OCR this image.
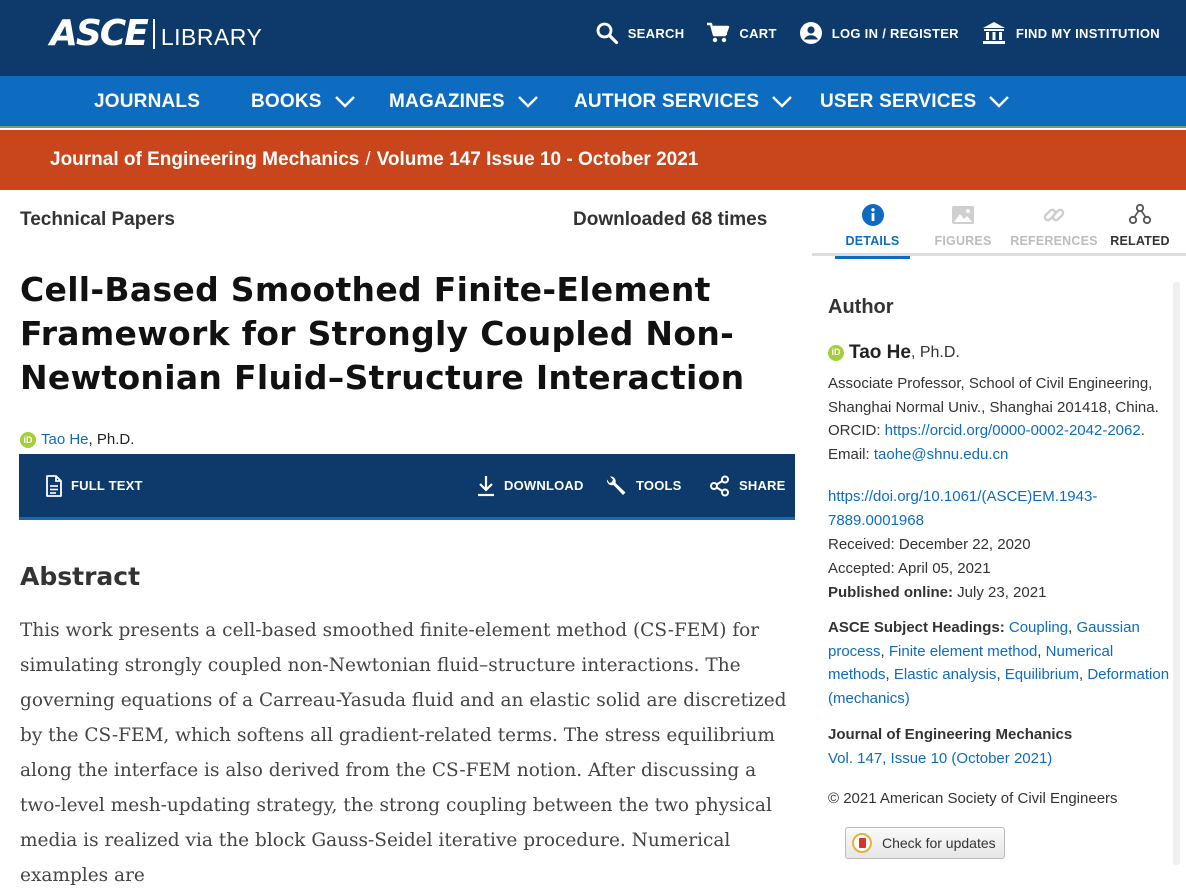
ASCE LIBRARY	SEARCH	CART	LOG IN / REGISTER	FIND MY INSTITUTION
JOURNALS	BOOKS	MAGAZINES	AUTHOR SERVICES	USER SERVICES
Journal of Engineering Mechanics / Volume 147 Issue 10 - October 2021
Technical Papers	Downloaded 68 times
Cell-Based Smoothed Finite-Element Framework for Strongly Coupled Non-Newtonian Fluid–Structure Interaction
iD Tao He , Ph.D.
FULL TEXT	DOWNLOAD	TOOLS	SHARE
Abstract

This work presents a cell-based smoothed finite-element method (CS-FEM) for simulating strongly coupled non-Newtonian fluid–structure interactions. The governing equations of a Carreau-Yasuda fluid and an elastic solid are discretized by the CS-FEM, which softens all gradient-related terms. The stress equilibrium along the interface is also derived from the CS-FEM notion. After discussing a two-level mesh-updating strategy, the strong coupling between the two physical media is realized via the block Gauss-Seidel iterative procedure. Numerical examples are

DETAILS	FIGURES REFERENCES RELATED
Author
iD Tao He , Ph.D.
Associate Professor, School of Civil Engineering, Shanghai Normal Univ., Shanghai 201418, China. ORCID: https://orcid.org/0000-0002-2042-2062. Email: taohe@shnu.edu.cn
https://doi.org/10.1061/(ASCE)EM.1943-7889.0001968
Received: December 22, 2020
Accepted: April 05, 2021
Published online: July 23, 2021
ASCE Subject Headings: Coupling, Gaussian process, Finite element method, Numerical methods, Elastic analysis, Equilibrium, Deformation (mechanics)
Journal of Engineering Mechanics
Vol. 147, Issue 10 (October 2021)
© 2021 American Society of Civil Engineers
Check for updates
